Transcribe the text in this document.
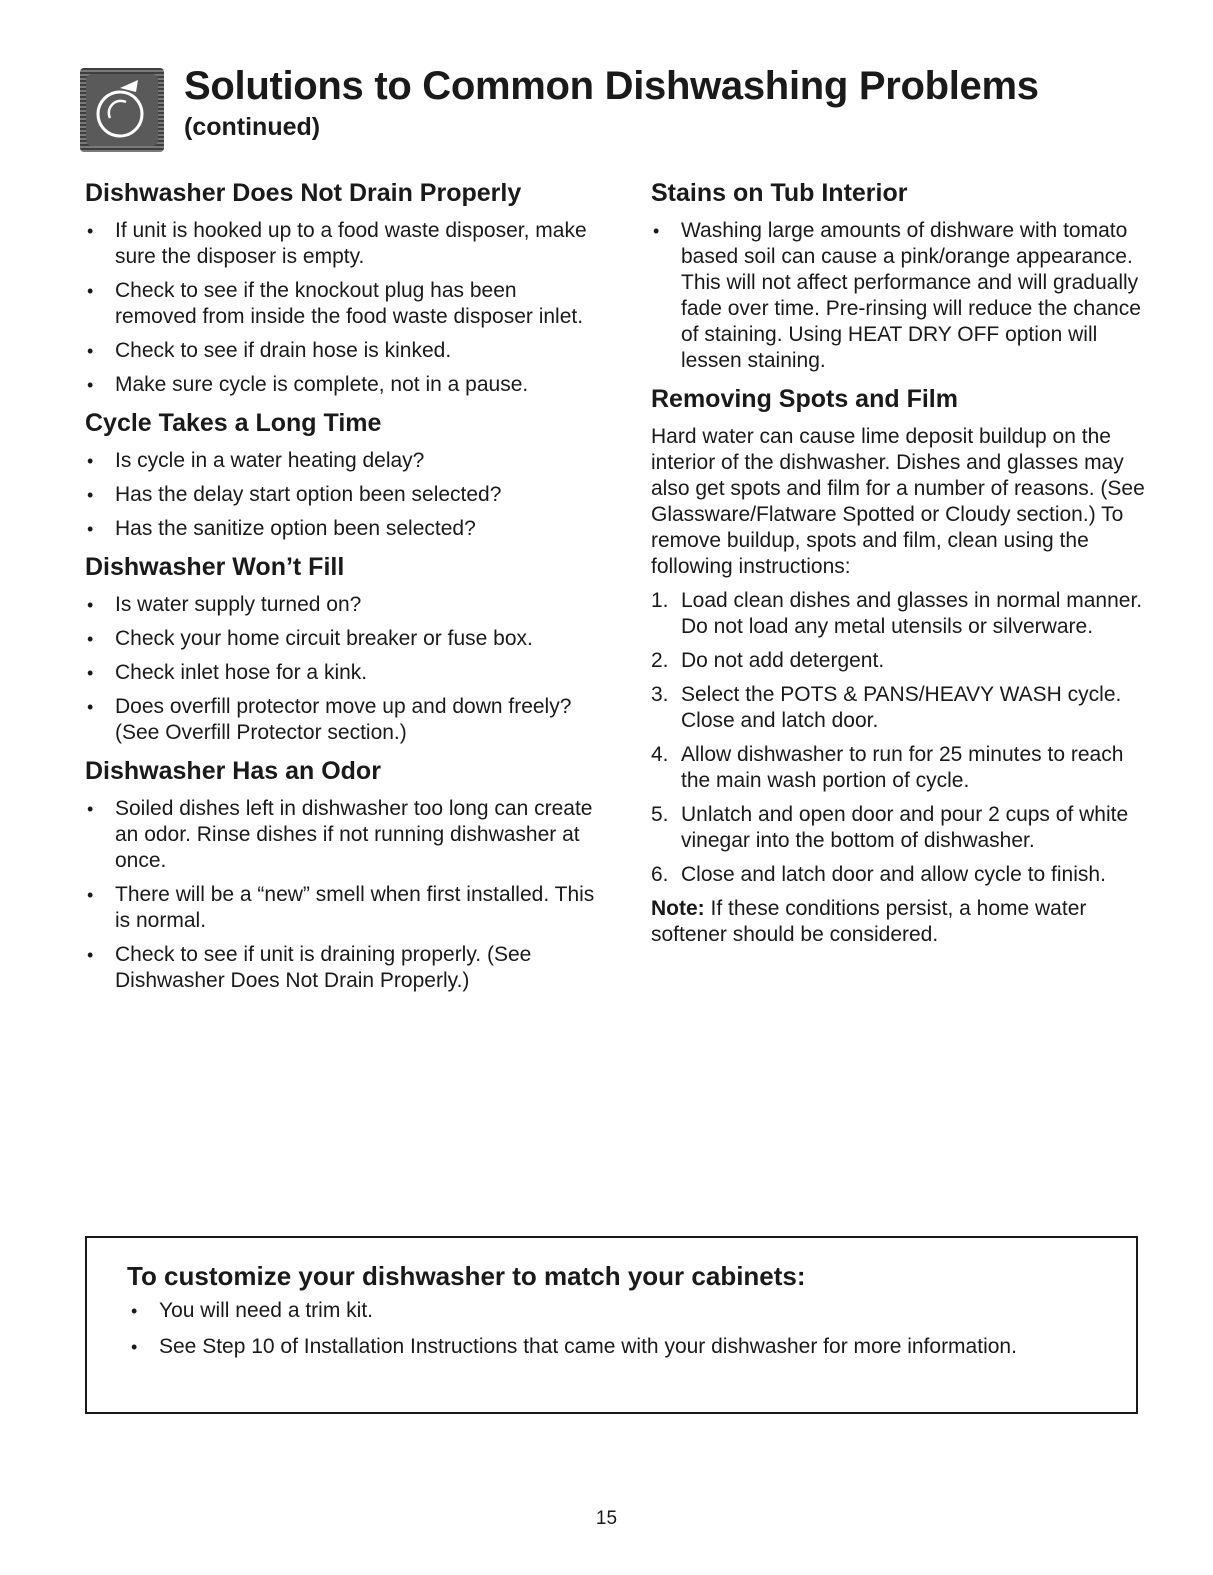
Solutions to Common Dishwashing Problems
(continued)
Dishwasher Does Not Drain Properly
• If unit is hooked up to a food waste disposer, make sure the disposer is empty.
• Check to see if the knockout plug has been removed from inside the food waste disposer inlet.
• Check to see if drain hose is kinked.
• Make sure cycle is complete, not in a pause.
Cycle Takes a Long Time
• Is cycle in a water heating delay?
• Has the delay start option been selected?
• Has the sanitize option been selected?
Dishwasher Won’t Fill
• Is water supply turned on?
• Check your home circuit breaker or fuse box.
• Check inlet hose for a kink.
• Does overfill protector move up and down freely? (See Overfill Protector section.)
Dishwasher Has an Odor
• Soiled dishes left in dishwasher too long can create an odor. Rinse dishes if not running dishwasher at once.
• There will be a “new” smell when first installed. This is normal.
• Check to see if unit is draining properly. (See Dishwasher Does Not Drain Properly.)
Stains on Tub Interior
• Washing large amounts of dishware with tomato based soil can cause a pink/orange appearance. This will not affect performance and will gradually fade over time. Pre-rinsing will reduce the chance of staining. Using HEAT DRY OFF option will lessen staining.
Removing Spots and Film

Hard water can cause lime deposit buildup on the interior of the dishwasher. Dishes and glasses may also get spots and film for a number of reasons. (See Glassware/Flatware Spotted or Cloudy section.) To remove buildup, spots and film, clean using the following instructions:

1. Load clean dishes and glasses in normal manner. Do not load any metal utensils or silverware.
2. Do not add detergent.
3. Select the POTS & PANS/HEAVY WASH cycle. Close and latch door.
4. Allow dishwasher to run for 25 minutes to reach the main wash portion of cycle.
5. Unlatch and open door and pour 2 cups of white vinegar into the bottom of dishwasher.
6. Close and latch door and allow cycle to finish.

Note: If these conditions persist, a home water softener should be considered.

To customize your dishwasher to match your cabinets:
• You will need a trim kit.
• See Step 10 of Installation Instructions that came with your dishwasher for more information.
15
